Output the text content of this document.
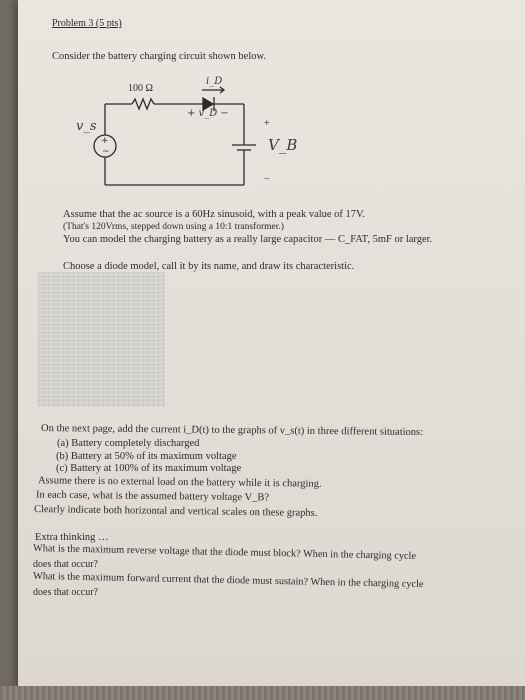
Problem 3 (5 pts)
Consider the battery charging circuit shown below.
+
~
100 Ω
i_D
+ v_D −
v_s	+
−
V_B
Assume that the ac source is a 60Hz sinusoid, with a peak value of 17V.
(That's 120Vrms, stepped down using a 10:1 transformer.)
You can model the charging battery as a really large capacitor — C_FAT, 5mF or larger.
Choose a diode model, call it by its name, and draw its characteristic.
On the next page, add the current i_D(t) to the graphs of v_s(t) in three different situations:
(a) Battery completely discharged
(b) Battery at 50% of its maximum voltage
(c) Battery at 100% of its maximum voltage
Assume there is no external load on the battery while it is charging.
In each case, what is the assumed battery voltage V_B?
Clearly indicate both horizontal and vertical scales on these graphs.
Extra thinking …
What is the maximum reverse voltage that the diode must block? When in the charging cycle
does that occur?
What is the maximum forward current that the diode must sustain? When in the charging cycle
does that occur?
